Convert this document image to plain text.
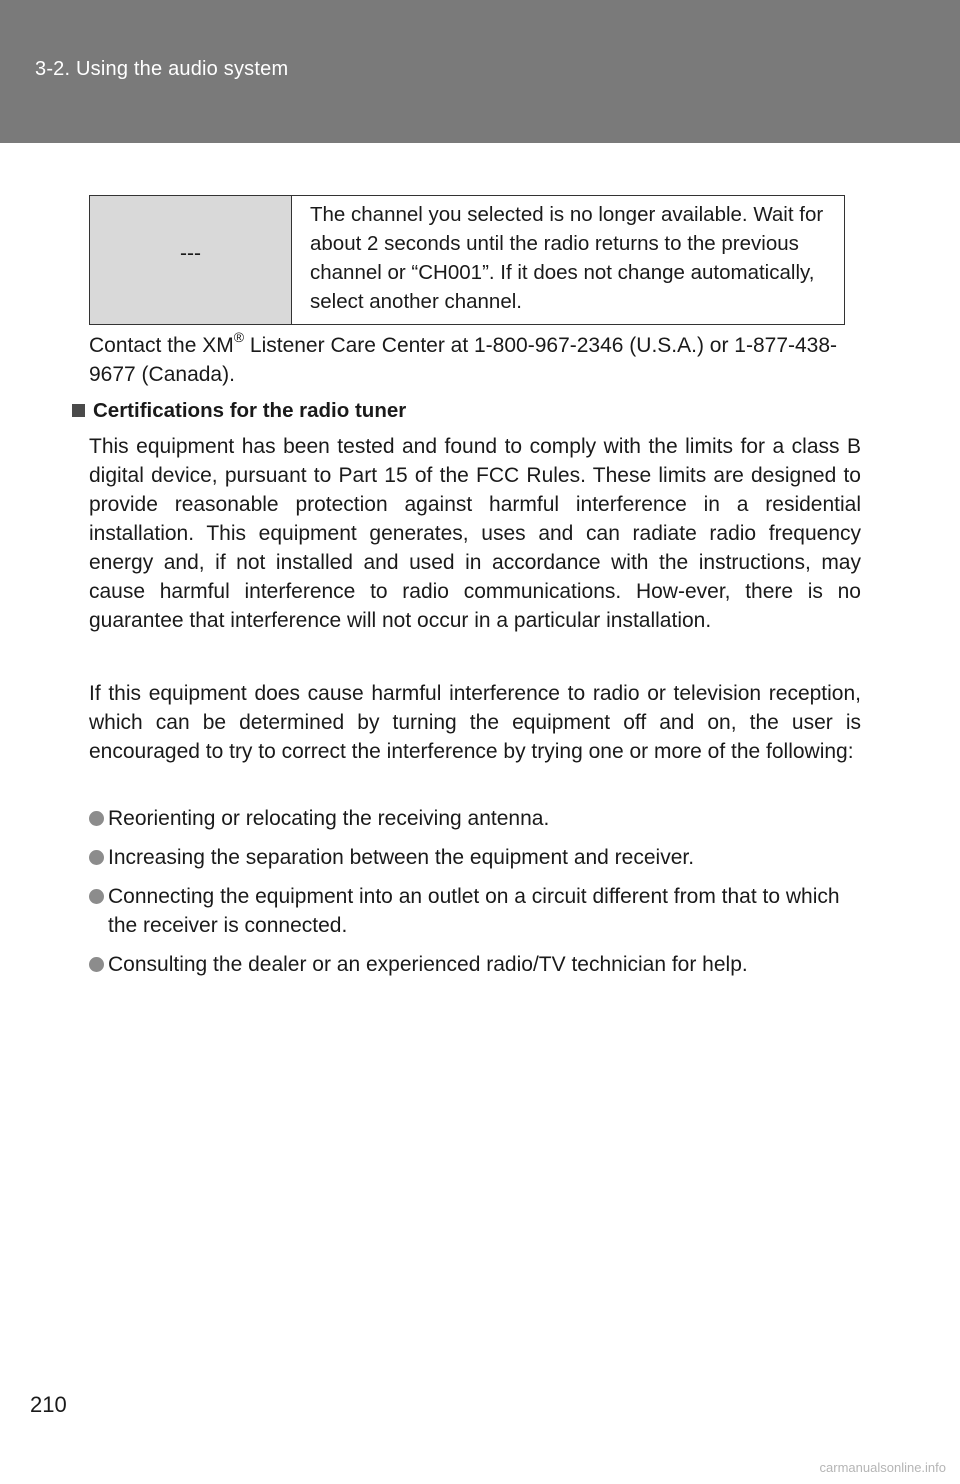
3-2. Using the audio system
---	The channel you selected is no longer available. Wait for about 2 seconds until the radio returns to the previous channel or “CH001”. If it does not change automatically, select another channel.

Contact the XM® Listener Care Center at 1-800-967-2346 (U.S.A.) or 1-877-438-9677 (Canada).

Certifications for the radio tuner

This equipment has been tested and found to comply with the limits for a class B digital device, pursuant to Part 15 of the FCC Rules. These limits are designed to provide reasonable protection against harmful interference in a residential installation. This equipment generates, uses and can radiate radio frequency energy and, if not installed and used in accordance with the instructions, may cause harmful interference to radio communications. How-ever, there is no guarantee that interference will not occur in a particular installation.

If this equipment does cause harmful interference to radio or television reception, which can be determined by turning the equipment off and on, the user is encouraged to try to correct the interference by trying one or more of the following:

Reorienting or relocating the receiving antenna.
Increasing the separation between the equipment and receiver.
Connecting the equipment into an outlet on a circuit different from that to which the receiver is connected.
Consulting the dealer or an experienced radio/TV technician for help.
210
carmanualsonline.info
